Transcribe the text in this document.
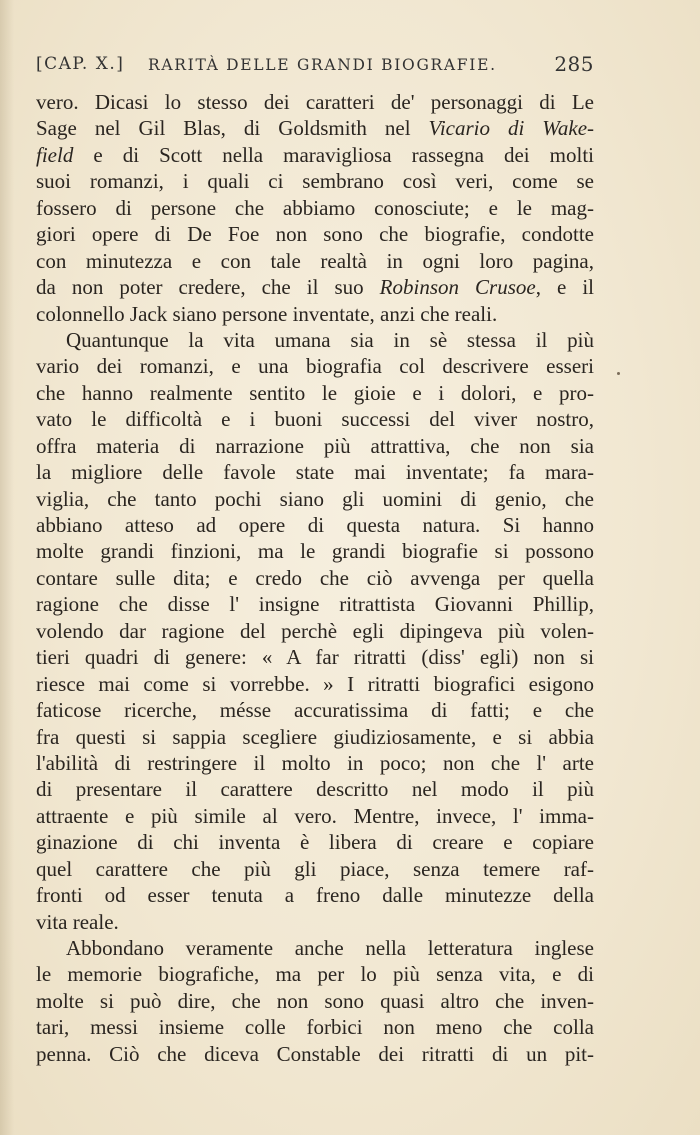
[CAP. X.] RARITÀ DELLE GRANDI BIOGRAFIE.	285
vero. Dicasi lo stesso dei caratteri de' personaggi di Le
Sage nel Gil Blas, di Goldsmith nel Vicario di Wake-
field e di Scott nella maravigliosa rassegna dei molti
suoi romanzi, i quali ci sembrano così veri, come se
fossero di persone che abbiamo conosciute; e le mag-
giori opere di De Foe non sono che biografie, condotte
con minutezza e con tale realtà in ogni loro pagina,
da non poter credere, che il suo Robinson Crusoe, e il
colonnello Jack siano persone inventate, anzi che reali.
Quantunque la vita umana sia in sè stessa il più
vario dei romanzi, e una biografia col descrivere esseri
che hanno realmente sentito le gioie e i dolori, e pro-
vato le difficoltà e i buoni successi del viver nostro,
offra materia di narrazione più attrattiva, che non sia
la migliore delle favole state mai inventate; fa mara-
viglia, che tanto pochi siano gli uomini di genio, che
abbiano atteso ad opere di questa natura. Si hanno
molte grandi finzioni, ma le grandi biografie si possono
contare sulle dita; e credo che ciò avvenga per quella
ragione che disse l' insigne ritrattista Giovanni Phillip,
volendo dar ragione del perchè egli dipingeva più volen-
tieri quadri di genere: « A far ritratti (diss' egli) non si
riesce mai come si vorrebbe. » I ritratti biografici esigono
faticose ricerche, mésse accuratissima di fatti; e che
fra questi si sappia scegliere giudiziosamente, e si abbia
l'abilità di restringere il molto in poco; non che l' arte
di presentare il carattere descritto nel modo il più
attraente e più simile al vero. Mentre, invece, l' imma-
ginazione di chi inventa è libera di creare e copiare
quel carattere che più gli piace, senza temere raf-
fronti od esser tenuta a freno dalle minutezze della
vita reale.
Abbondano veramente anche nella letteratura inglese
le memorie biografiche, ma per lo più senza vita, e di
molte si può dire, che non sono quasi altro che inven-
tari, messi insieme colle forbici non meno che colla
penna. Ciò che diceva Constable dei ritratti di un pit-
